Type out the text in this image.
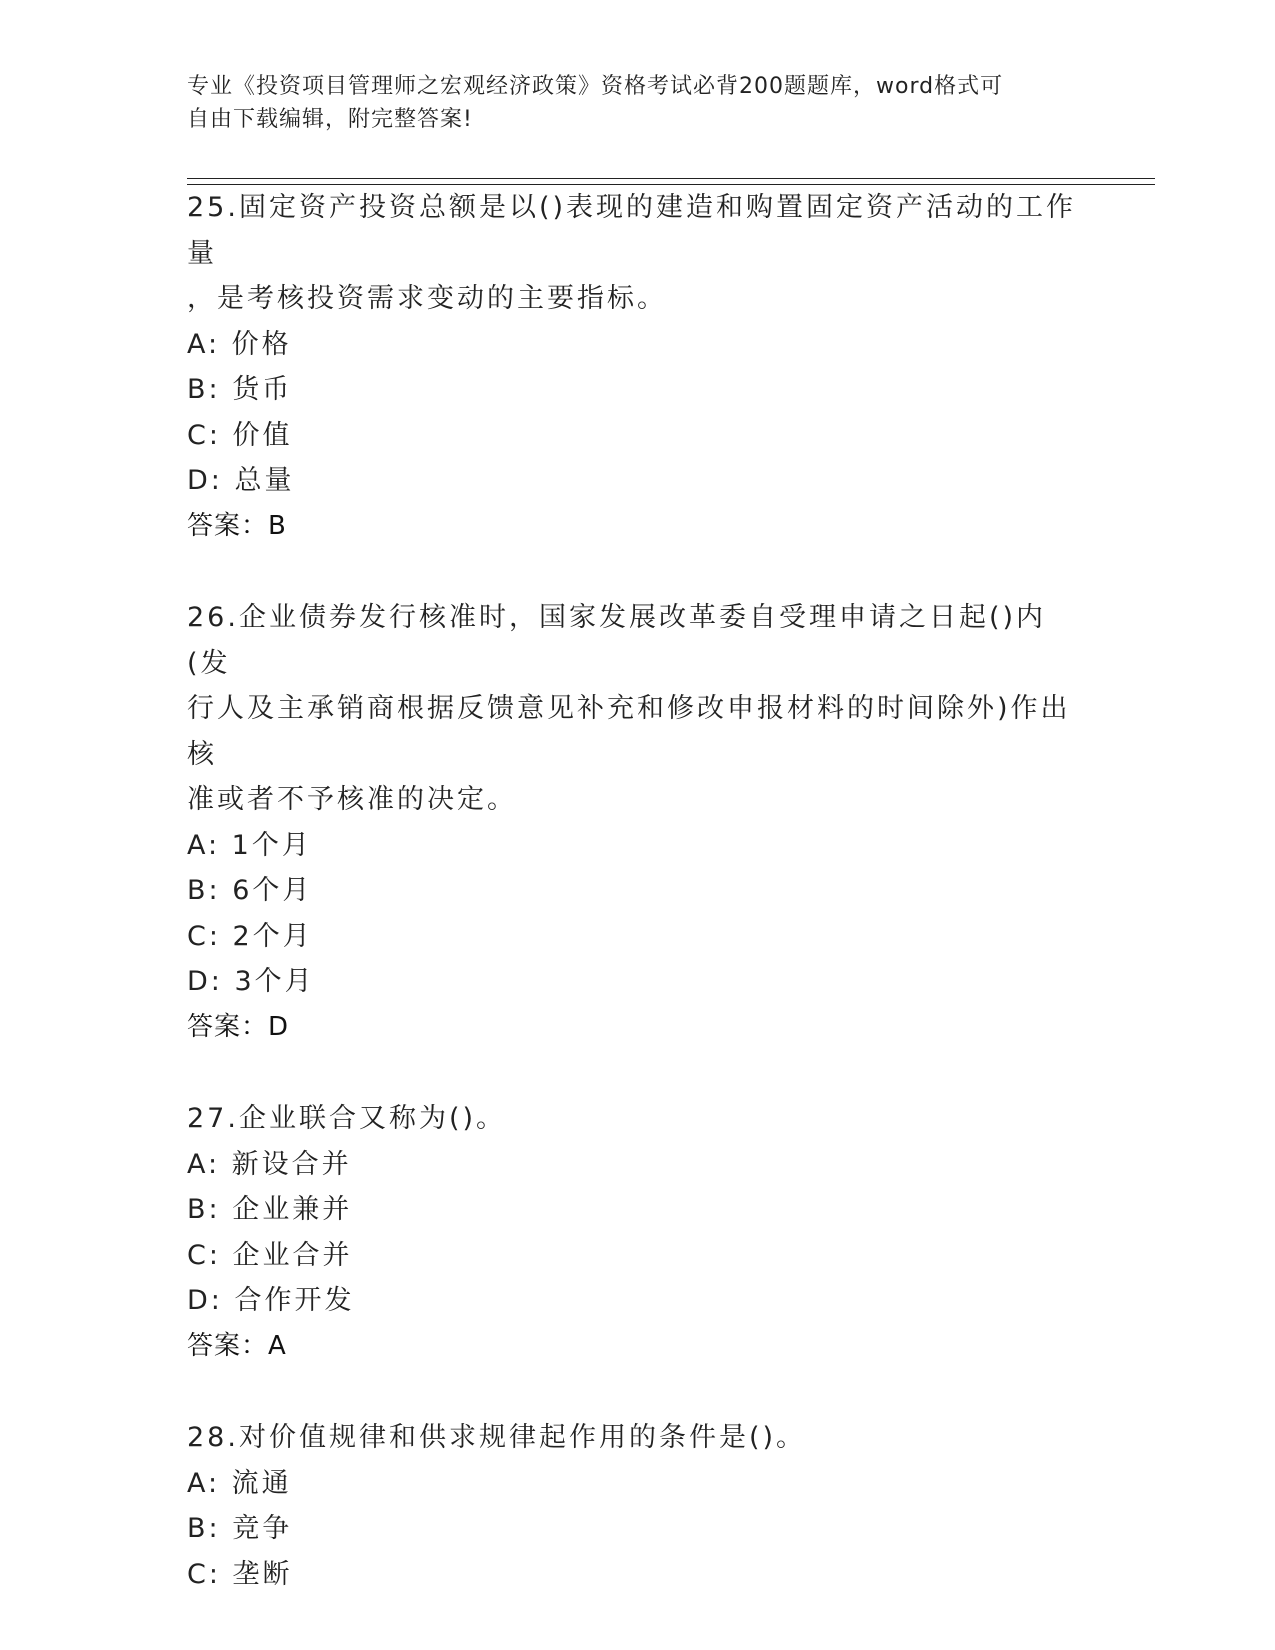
专业《投资项目管理师之宏观经济政策》资格考试必背200题题库，word格式可
自由下载编辑，附完整答案!

25.固定资产投资总额是以()表现的建造和购置固定资产活动的工作量
，是考核投资需求变动的主要指标。

A: 价格
B: 货币
C: 价值
D: 总量
答案：B

26.企业债券发行核准时，国家发展改革委自受理申请之日起()内(发
行人及主承销商根据反馈意见补充和修改申报材料的时间除外)作出核
准或者不予核准的决定。

A: 1个月
B: 6个月
C: 2个月
D: 3个月
答案：D

27.企业联合又称为()。

A: 新设合并
B: 企业兼并
C: 企业合并
D: 合作开发
答案：A

28.对价值规律和供求规律起作用的条件是()。

A: 流通
B: 竞争
C: 垄断
